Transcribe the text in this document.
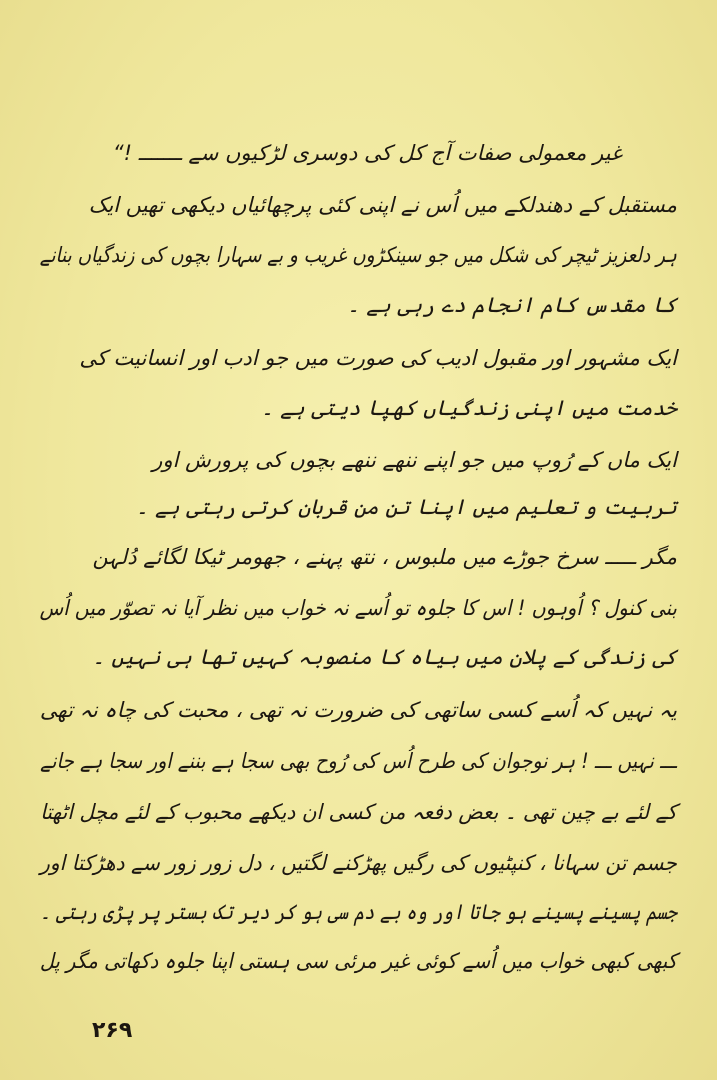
غیر معمولی صفات آج کل کی دوسری لڑکیوں سے ـــــــ !“
مستقبل کے دھندلکے میں اُس نے اپنی کئی پرچھائیاں دیکھی تھیں ایک
ہر دلعزیز ٹیچر کی شکل میں جو سینکڑوں غریب و بے سہارا بچوں کی زندگیاں بنانے
کا مقدس کام انجام دے رہی ہے ۔
ایک مشہور اور مقبول ادیب کی صورت میں جو ادب اور انسانیت کی
خدمت میں اپنی زندگیاں کھپا دیتی ہے ۔
ایک ماں کے رُوپ میں جو اپنے ننھے ننھے بچوں کی پرورش اور
تربیت و تعلیم میں اپنا تن من قربان کرتی رہتی ہے ۔
مگر ـــــ سرخ جوڑے میں ملبوس ، نتھ پہنے ، جھومر ٹیکا لگائے دُلہن
بنی کنول ؟ اُوہوں ! اس کا جلوہ تو اُسے نہ خواب میں نظر آیا نہ تصوّر میں اُس
کی زندگی کے پلان میں بیاہ کا منصوبہ کہیں تھا ہی نہیں ۔
یہ نہیں کہ اُسے کسی ساتھی کی ضرورت نہ تھی ، محبت کی چاہ نہ تھی
ـــ نہیں ـــ ! ہر نوجوان کی طرح اُس کی رُوح بھی سجا ہے بننے اور سجا ہے جانے
کے لئے بے چین تھی ۔ بعض دفعہ من کسی ان دیکھے محبوب کے لئے مچل اٹھتا
جسم تن سہانا ، کنپٹیوں کی رگیں پھڑکنے لگتیں ، دل زور زور سے دھڑکتا اور
جسم پسینے پسینے ہو جاتا اور وہ بے دم سی ہو کر دیر تک بستر پر پڑی رہتی ۔
کبھی کبھی خواب میں اُسے کوئی غیر مرئی سی ہستی اپنا جلوہ دکھاتی مگر پل
۲۶۹
